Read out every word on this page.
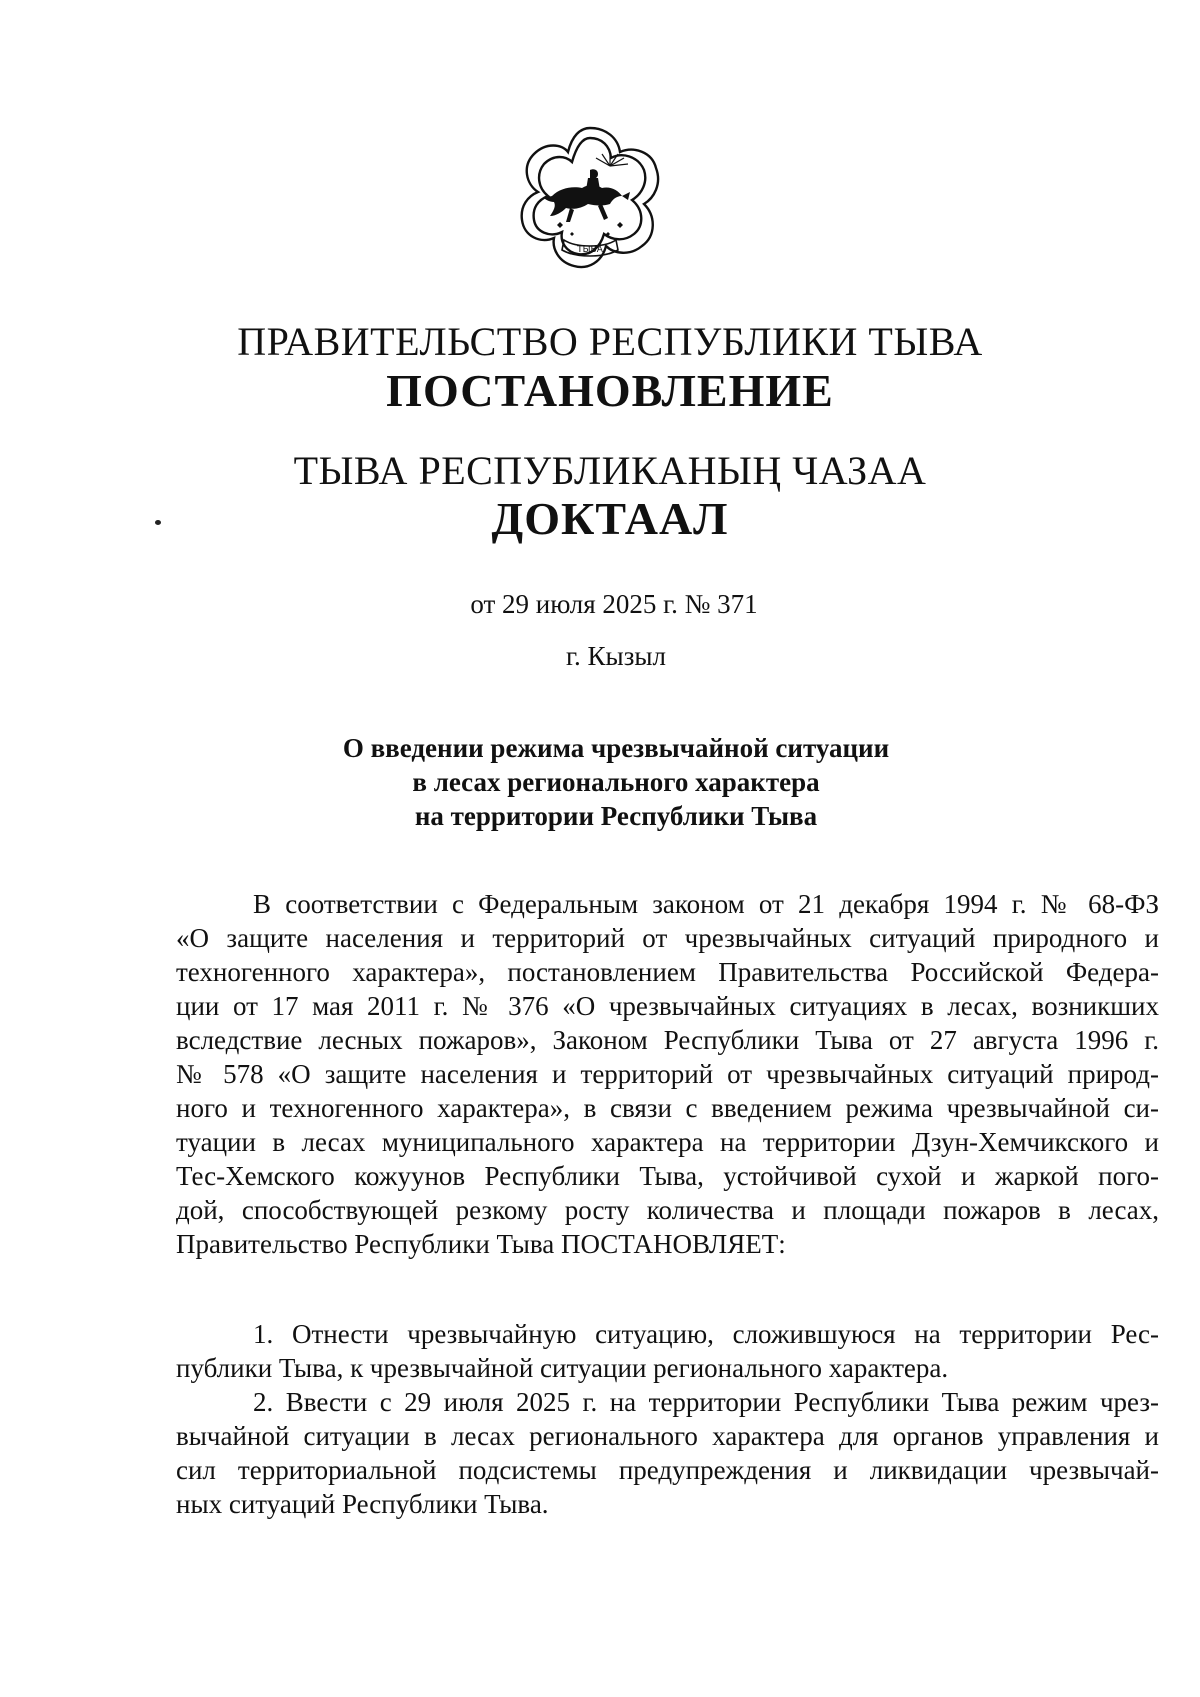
ТЫВА
ПРАВИТЕЛЬСТВО РЕСПУБЛИКИ ТЫВА
ПОСТАНОВЛЕНИЕ
ТЫВА РЕСПУБЛИКАНЫҢ ЧАЗАА
ДОКТААЛ
от 29 июля 2025 г. № 371
г. Кызыл
О введении режима чрезвычайной ситуации
в лесах регионального характера
на территории Республики Тыва
В соответствии с Федеральным законом от 21 декабря 1994 г. № 68-ФЗ
«О защите населения и территорий от чрезвычайных ситуаций природного и
техногенного характера», постановлением Правительства Российской Федера-
ции от 17 мая 2011 г. № 376 «О чрезвычайных ситуациях в лесах, возникших
вследствие лесных пожаров», Законом Республики Тыва от 27 августа 1996 г.
№ 578 «О защите населения и территорий от чрезвычайных ситуаций природ-
ного и техногенного характера», в связи с введением режима чрезвычайной си-
туации в лесах муниципального характера на территории Дзун-Хемчикского и
Тес-Хемского кожуунов Республики Тыва, устойчивой сухой и жаркой пого-
дой, способствующей резкому росту количества и площади пожаров в лесах,
Правительство Республики Тыва ПОСТАНОВЛЯЕТ:
1. Отнести чрезвычайную ситуацию, сложившуюся на территории Рес-
публики Тыва, к чрезвычайной ситуации регионального характера.
2. Ввести с 29 июля 2025 г. на территории Республики Тыва режим чрез-
вычайной ситуации в лесах регионального характера для органов управления и
сил территориальной подсистемы предупреждения и ликвидации чрезвычай-
ных ситуаций Республики Тыва.
